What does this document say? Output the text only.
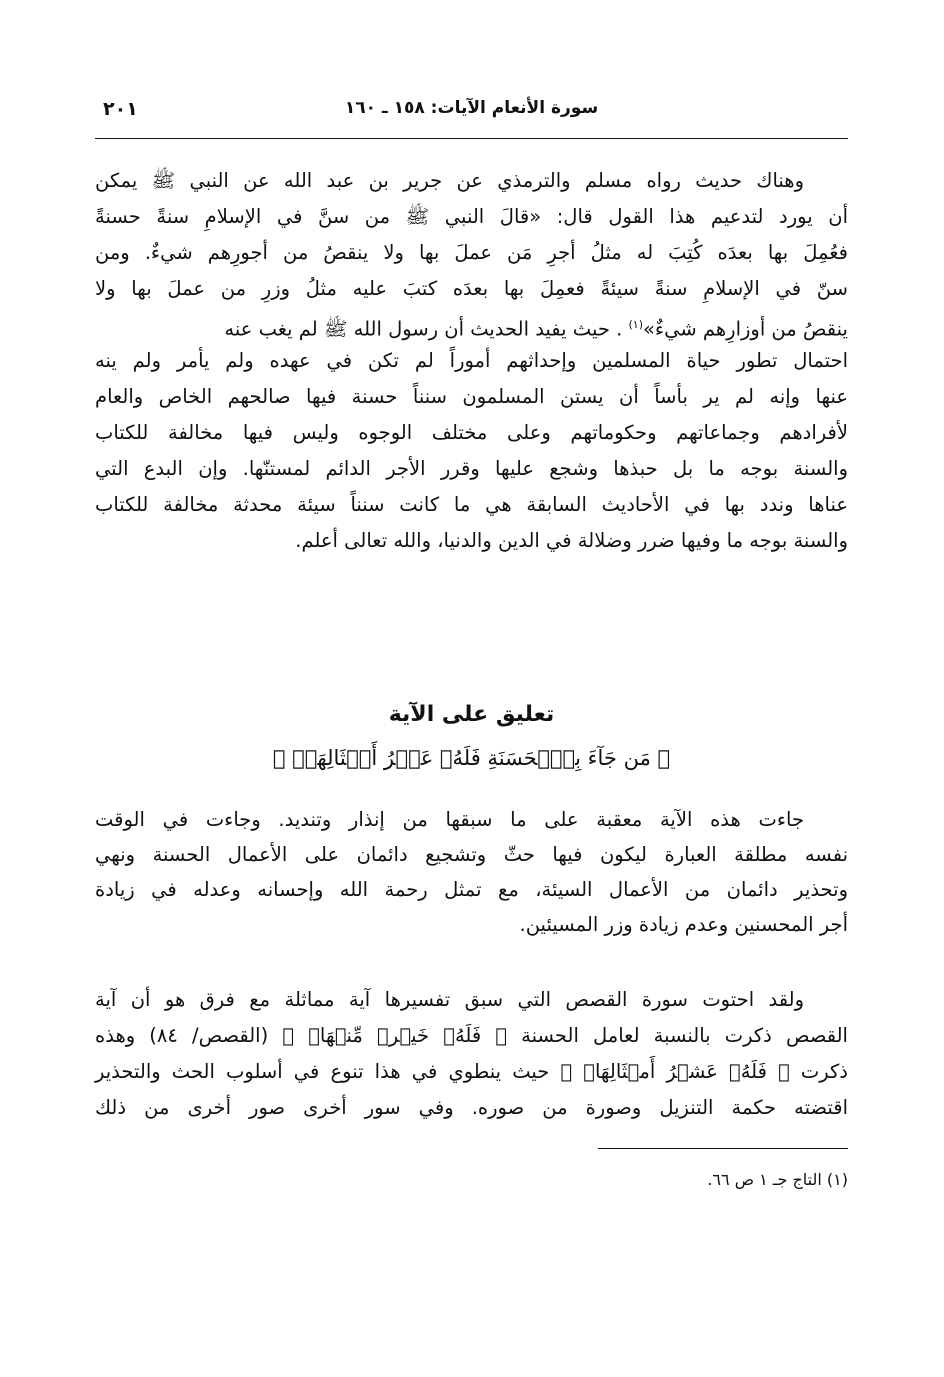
سورة الأنعام الآيات: ١٥٨ ـ ١٦٠
٢٠١
وهناك حديث رواه مسلم والترمذي عن جرير بن عبد الله عن النبي ﷺ يمكن
أن يورد لتدعيم هذا القول قال: «قالَ النبي ﷺ من سنَّ في الإسلامِ سنةً حسنةً
فعُمِلَ بها بعدَه كُتِبَ له مثلُ أجرِ مَن عملَ بها ولا ينقصُ من أجورِهم شيءٌ. ومن
سنّ في الإسلامِ سنةً سيئةً فعمِلَ بها بعدَه كتبَ عليه مثلُ وزرِ من عملَ بها ولا
ينقصُ من أوزارِهم شيءٌ»$^{(١)}$ . حيث يفيد الحديث أن رسول الله ﷺ لم يغب عنه
احتمال تطور حياة المسلمين وإحداثهم أموراً لم تكن في عهده ولم يأمر ولم ينه
عنها وإنه لم ير بأساً أن يستن المسلمون سنناً حسنة فيها صالحهم الخاص والعام
لأفرادهم وجماعاتهم وحكوماتهم وعلى مختلف الوجوه وليس فيها مخالفة للكتاب
والسنة بوجه ما بل حبذها وشجع عليها وقرر الأجر الدائم لمستنّها. وإن البدع التي
عناها وندد بها في الأحاديث السابقة هي ما كانت سنناً سيئة محدثة مخالفة للكتاب
والسنة بوجه ما وفيها ضرر وضلالة في الدين والدنيا، والله تعالى أعلم.
تعليق على الآية
﴿ مَن جَآءَ بِٱلۡحَسَنَةِ فَلَهُۥ عَشۡرُ أَمۡثَالِهَاۖ ﴾
جاءت هذه الآية معقبة على ما سبقها من إنذار وتنديد. وجاءت في الوقت
نفسه مطلقة العبارة ليكون فيها حثّ وتشجيع دائمان على الأعمال الحسنة ونهي
وتحذير دائمان من الأعمال السيئة، مع تمثل رحمة الله وإحسانه وعدله في زيادة
أجر المحسنين وعدم زيادة وزر المسيئين.
ولقد احتوت سورة القصص التي سبق تفسيرها آية مماثلة مع فرق هو أن آية
القصص ذكرت بالنسبة لعامل الحسنة ﴿ فَلَهُۥ خَيۡرٞ مِّنۡهَاۖ ﴾ (القصص/ ٨٤) وهذه
ذكرت ﴿ فَلَهُۥ عَشۡرُ أَمۡثَالِهَاۖ ﴾ حيث ينطوي في هذا تنوع في أسلوب الحث والتحذير
اقتضته حكمة التنزيل وصورة من صوره. وفي سور أخرى صور أخرى من ذلك
(١) التاج جـ ١ ص ٦٦.
